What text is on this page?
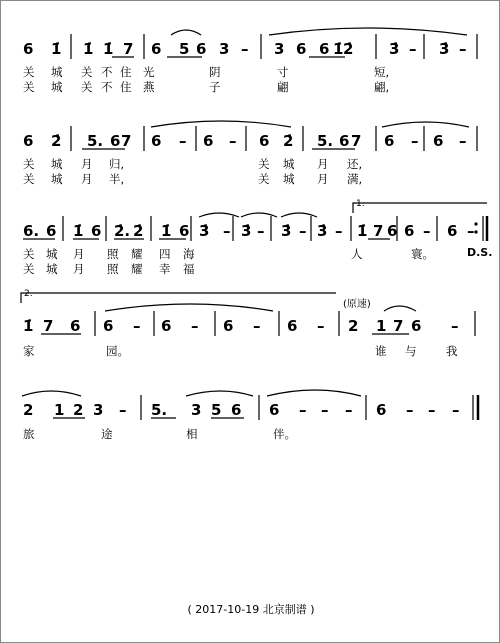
6 1̇ 1̇ 1̇ 7 6 5 6 3 – 3 6 6 1̇ 2̇ 3̇ – 3̇ –
关 城 关 不 住 光	阴	寸	短,
关 城 关 不 住 燕	子	翩	翩,
6 2̇ 5. 6 7 6 – 6 – 6 2̇ 5. 6 7 6 – 6 –
关 城 月 归,	关 城 月 还,
关 城 月 半,	关 城 月 满,
6. 6 1̇ 6 2̇. 2̇ 1̇ 6 3̇ – 3̇ – 3̇ – 3̇ – 1̇ 7 6 6 – 6 –
关 城 月 照 耀 四 海	人	寰。
关 城 月 照 耀 幸 福
D.S.
1.
1̇ 7 6 6 – 6 – 6 – 6 – 2 1 7 6 –
家	园。	谁 与	我
(原速)
2.
2 1 2 3 – 5. 3 5 6 6 – – – 6 – – –
旅	途	相	伴。
( 2017-10-19 北京制谱 )
